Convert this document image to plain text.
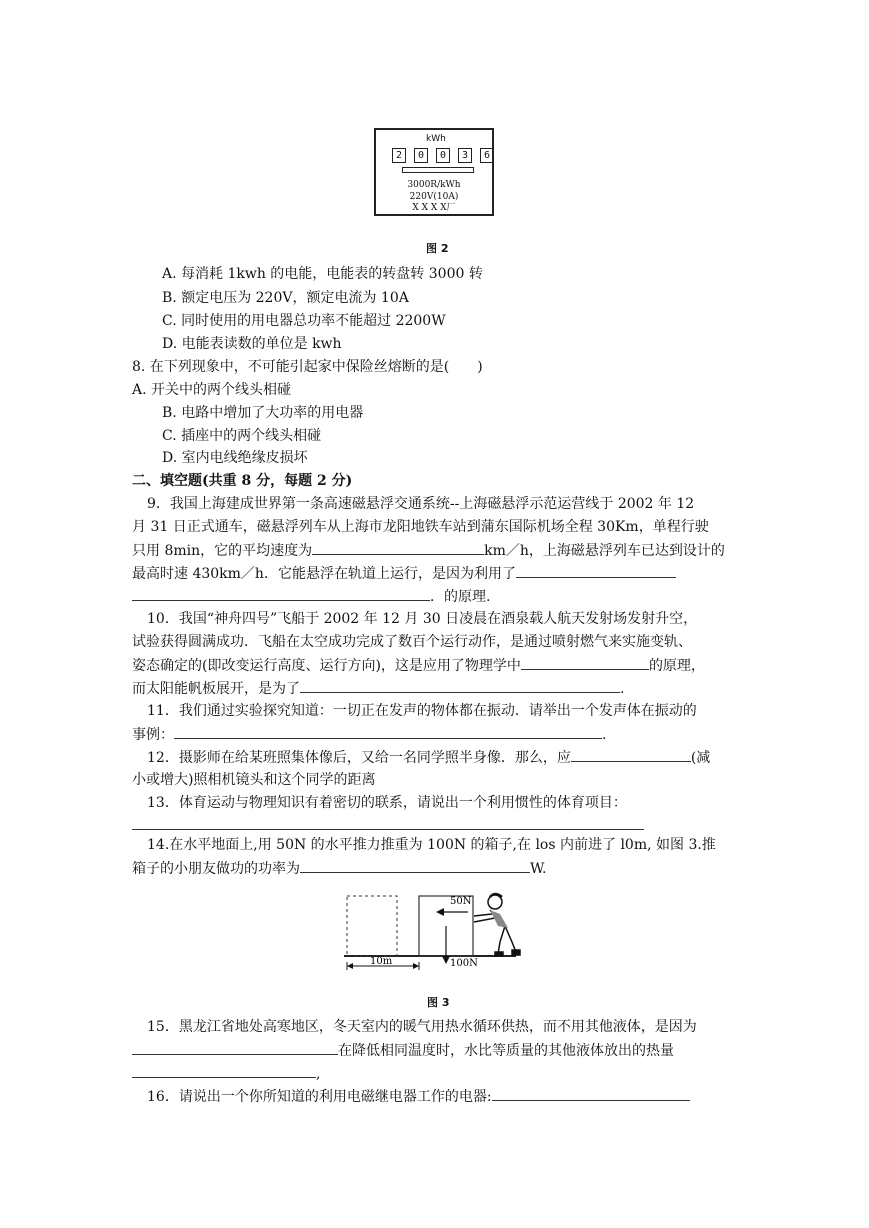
kWh
2	0	0	3	6
3000R/kWh
220V(10A)
X X X X厂
图 2
A. 每消耗 1kwh 的电能，电能表的转盘转 3000 转
B. 额定电压为 220V，额定电流为 10A
C. 同时使用的用电器总功率不能超过 2200W
D. 电能表读数的单位是 kwh
8. 在下列现象中，不可能引起家中保险丝熔断的是(　　)
A. 开关中的两个线头相碰
B. 电路中增加了大功率的用电器
C. 插座中的两个线头相碰
D. 室内电线绝缘皮损坏
二、填空题(共重 8 分，每题 2 分)
9．我国上海建成世界第一条高速磁悬浮交通系统--上海磁悬浮示范运营线于 2002 年 12
月 31 日正式通车，磁悬浮列车从上海市龙阳地铁车站到蒲东国际机场全程 30Km，单程行驶
只用 8min，它的平均速度为	km／h，上海磁悬浮列车已达到设计的
最高时速 430km／h．它能悬浮在轨道上运行，是因为利用了
．的原理.
10．我国“神舟四号”飞船于 2002 年 12 月 30 日凌晨在酒泉载人航天发射场发射升空，
试验获得圆满成功．飞船在太空成功完成了数百个运行动作，是通过喷射燃气来实施变轨、
姿态确定的(即改变运行高度、运行方向)，这是应用了物理学中	的原理，
而太阳能帆板展开，是为了	.
11．我们通过实验探究知道：一切正在发声的物体都在振动．请举出一个发声体在振动的
事例：	.
12．摄影师在给某班照集体像后，又给一名同学照半身像．那么，应	(减
小或增大)照相机镜头和这个同学的距离
13．体育运动与物理知识有着密切的联系，请说出一个利用惯性的体育项目：
14.在水平地面上,用 50N 的水平推力推重为 100N 的箱子,在 los 内前进了 l0m, 如图 3.推
箱子的小朋友做功的功率为	W.
50N
100N
10m
图 3
15．黑龙江省地处高寒地区，冬天室内的暖气用热水循环供热，而不用其他液体，是因为
在降低相同温度时，水比等质量的其他液体放出的热量
,
16．请说出一个你所知道的利用电磁继电器工作的电器:
